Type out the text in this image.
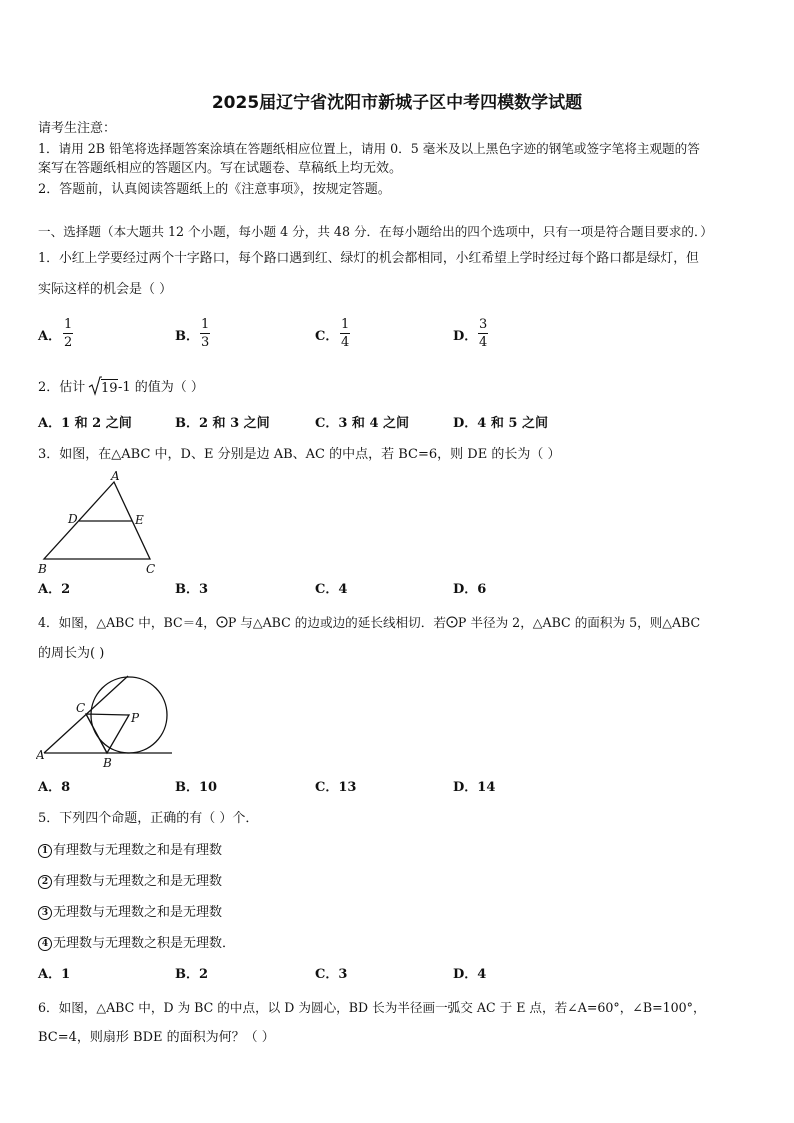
2025届辽宁省沈阳市新城子区中考四模数学试题
请考生注意：
1．请用 2B 铅笔将选择题答案涂填在答题纸相应位置上，请用 0．5 毫米及以上黑色字迹的钢笔或签字笔将主观题的答
案写在答题纸相应的答题区内。写在试题卷、草稿纸上均无效。
2．答题前，认真阅读答题纸上的《注意事项》，按规定答题。
一、选择题（本大题共 12 个小题，每小题 4 分，共 48 分．在每小题给出的四个选项中，只有一项是符合题目要求的．）
1．小红上学要经过两个十字路口，每个路口遇到红、绿灯的机会都相同，小红希望上学时经过每个路口都是绿灯，但
实际这样的机会是（ ）
A．
1
2	B．
1
3	C．
1
4	D．
3
4
2．估计 19 -1 的值为（ ）
A．1 和 2 之间	B．2 和 3 之间	C．3 和 4 之间	D．4 和 5 之间
3．如图，在△ABC 中，D、E 分别是边 AB、AC 的中点，若 BC=6，则 DE 的长为（ ）
A
D	E
B	C
A．2	B．3	C．4	D．6
4．如图，△ABC 中，BC＝4， P 与△ABC 的边或边的延长线相切．若 P 半径为 2，△ABC 的面积为 5，则△ABC
的周长为( )
A
C
B
P
A．8	B．10	C．13	D．14
5．下列四个命题，正确的有（ ）个．
1 有理数与无理数之和是有理数
2 有理数与无理数之和是无理数
3 无理数与无理数之和是无理数
4 无理数与无理数之积是无理数．
A．1	B．2	C．3	D．4
6．如图，△ABC 中，D 为 BC 的中点，以 D 为圆心，BD 长为半径画一弧交 AC 于 E 点，若∠A=60°，∠B=100°，
BC=4，则扇形 BDE 的面积为何？（ ）
